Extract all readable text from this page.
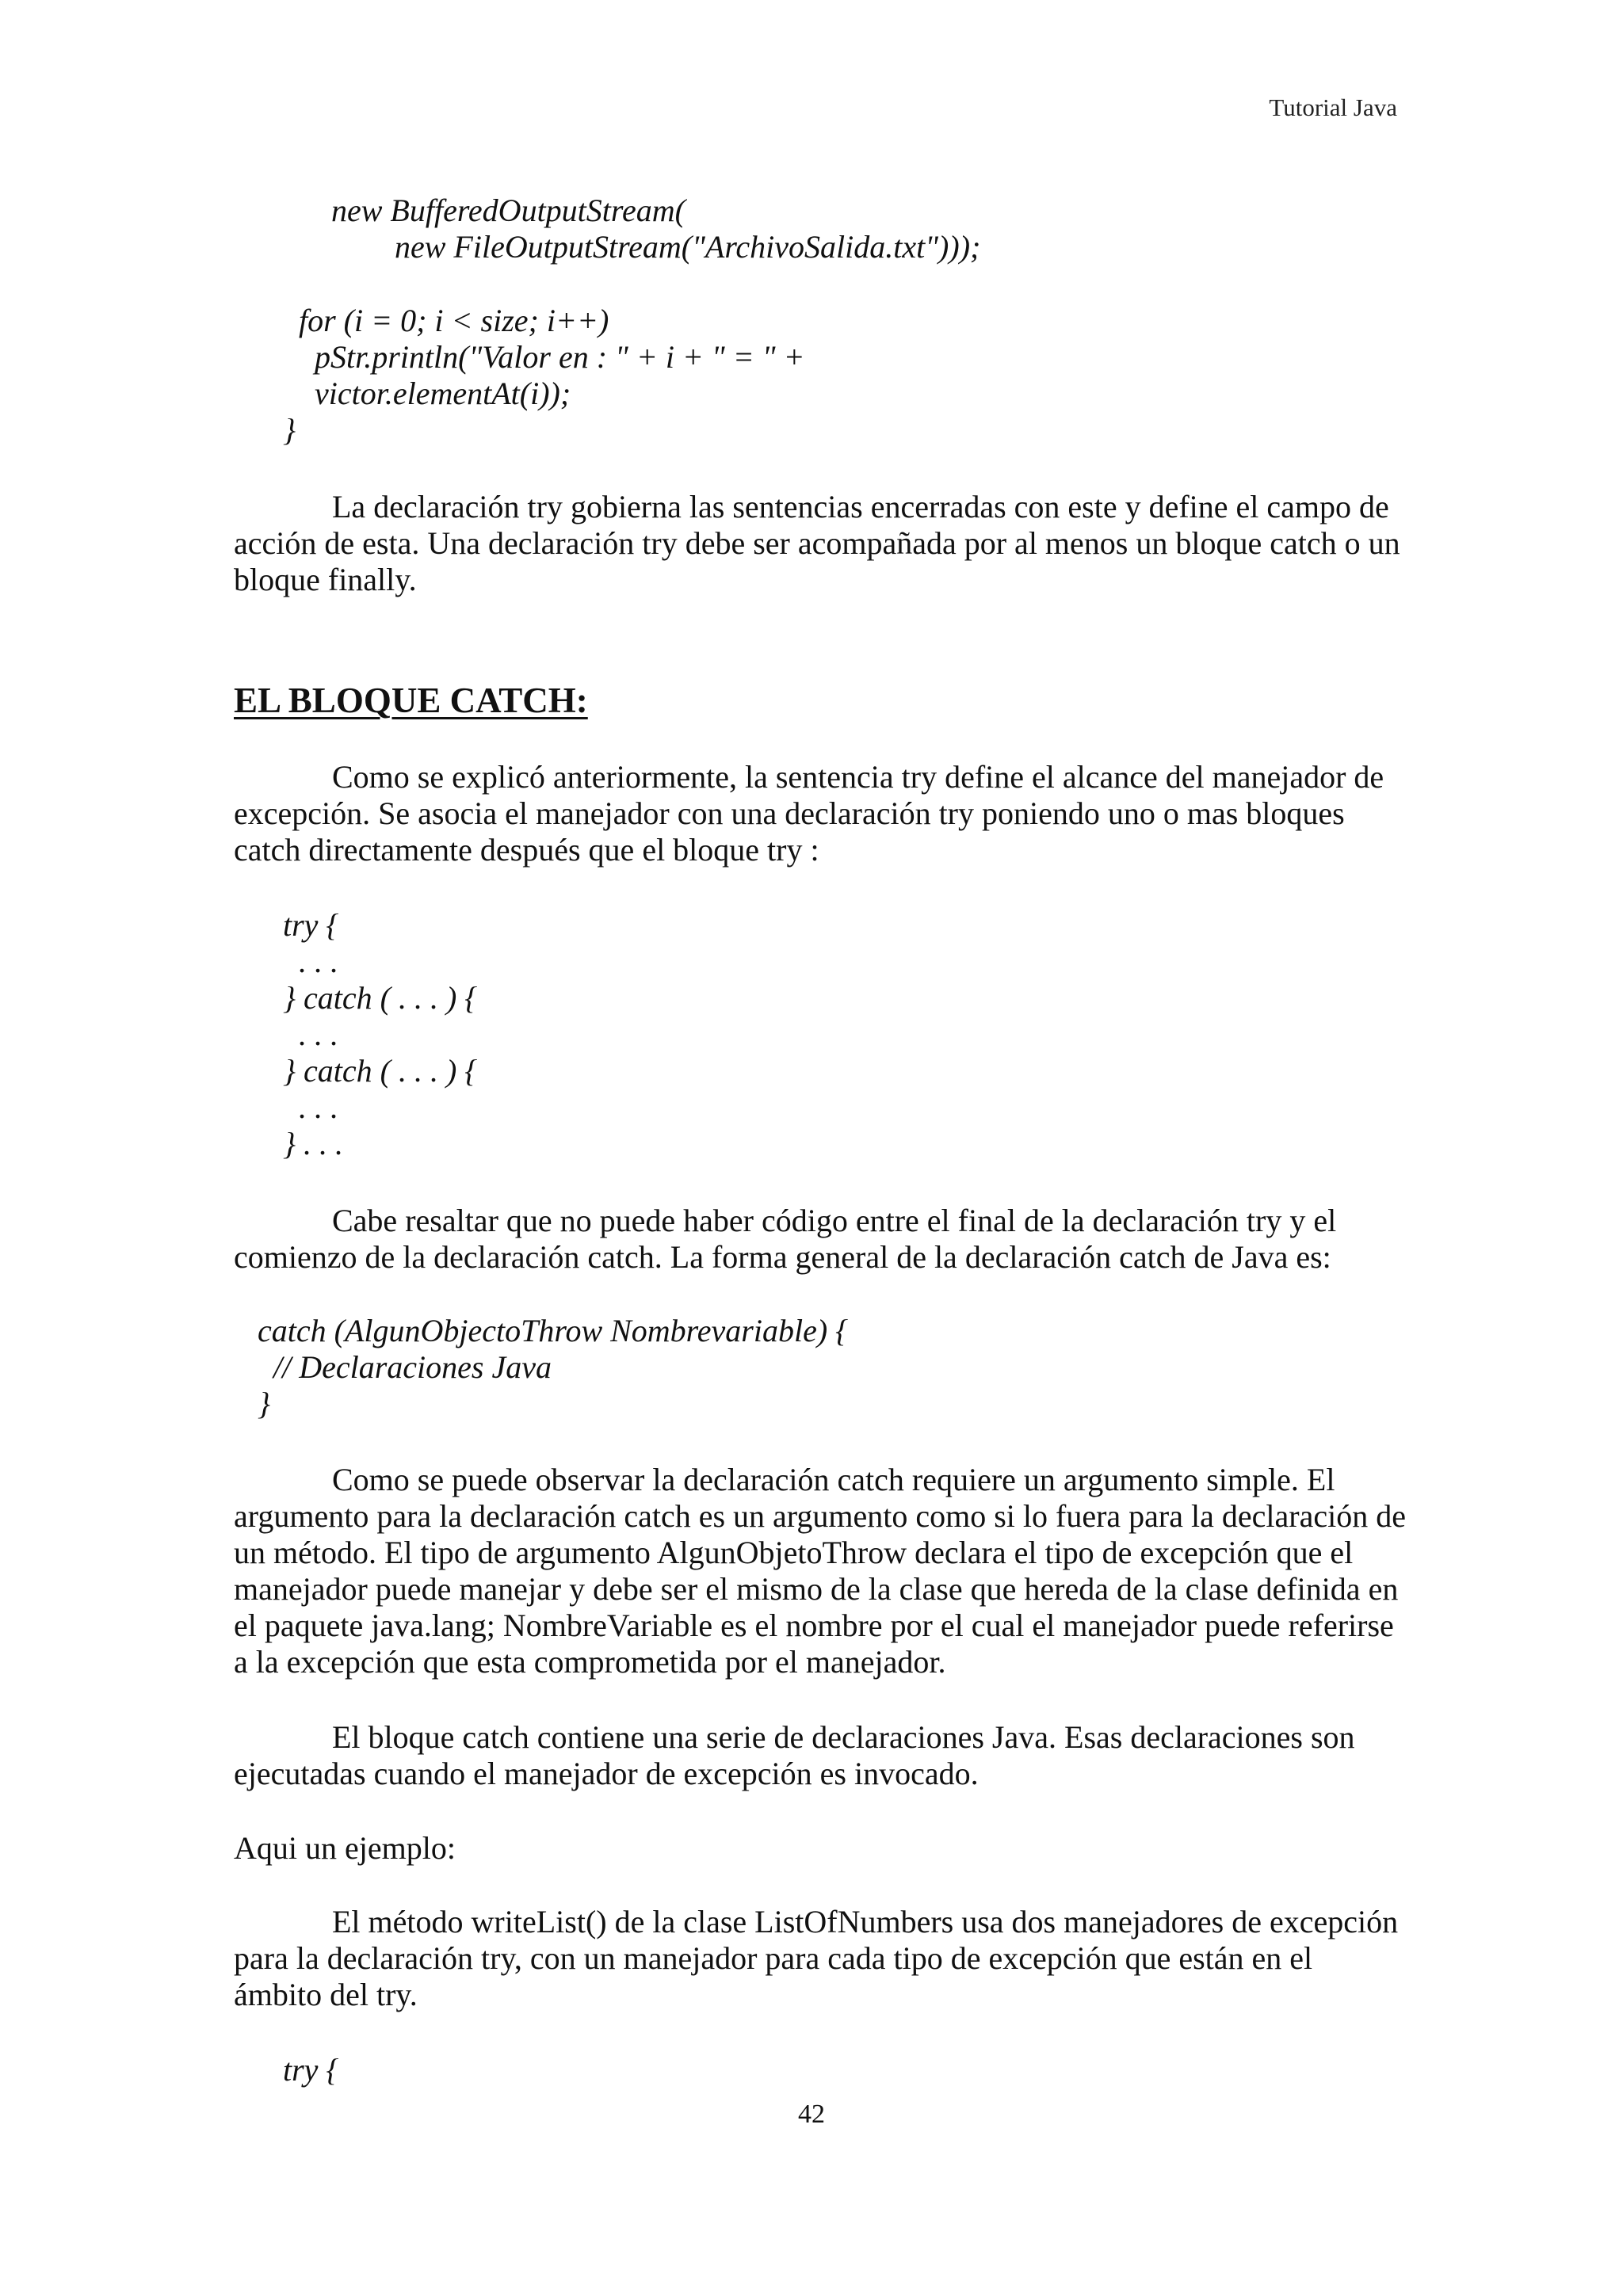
Tutorial Java

new BufferedOutputStream(

new FileOutputStream("ArchivoSalida.txt")));

for (i = 0; i < size; i++)

pStr.println("Valor en : " + i + " = " +

victor.elementAt(i));

}

La declaración try gobierna las sentencias encerradas con este y define el campo de acción de esta. Una declaración try debe ser acompañada por al menos un bloque catch o un bloque finally.

EL BLOQUE CATCH:

Como se explicó anteriormente, la sentencia try define el alcance del manejador de excepción. Se asocia el manejador con una declaración try poniendo uno o mas bloques catch directamente después que el bloque try :

try {

. . .

} catch ( . . . ) {

. . .

} catch ( . . . ) {

. . .

} . . .

Cabe resaltar que no puede haber código entre el final de la declaración try y el comienzo de la declaración catch. La forma general de la declaración catch de Java es:

catch (AlgunObjectoThrow Nombrevariable) {

// Declaraciones Java

}

Como se puede observar la declaración catch requiere un argumento simple. El argumento para la declaración catch es un argumento como si lo fuera para la declaración de un método. El tipo de argumento AlgunObjetoThrow declara el tipo de excepción que el manejador puede manejar y debe ser el mismo de la clase que hereda de la clase definida en el paquete java.lang; NombreVariable es el nombre por el cual el manejador puede referirse a la excepción que esta comprometida por el manejador.

El bloque catch contiene una serie de declaraciones Java. Esas declaraciones son ejecutadas cuando el manejador de excepción es invocado.

Aqui un ejemplo:

El método writeList() de la clase ListOfNumbers usa dos manejadores de excepción para la declaración try, con un manejador para cada tipo de excepción que están en el ámbito del try.

try {

42
